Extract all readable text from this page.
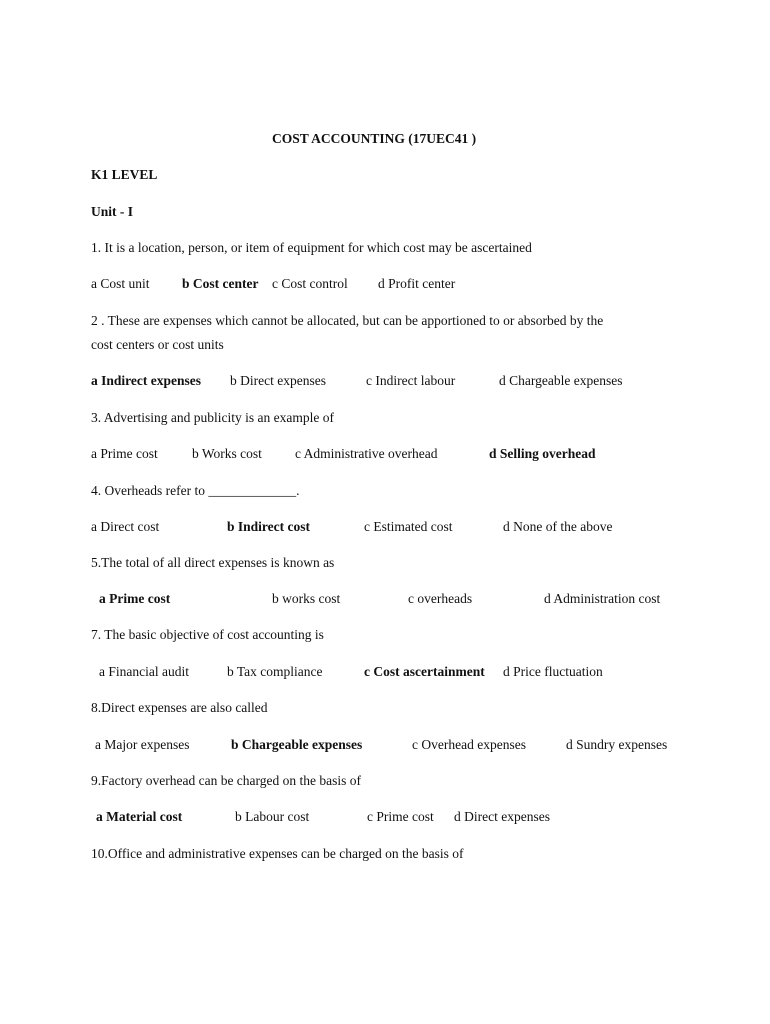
COST ACCOUNTING (17UEC41 )
K1 LEVEL
Unit - I
1. It is a location, person, or item of equipment for which cost may be ascertained
a Cost unit b Cost center c Cost control d Profit center
2 . These are expenses which cannot be allocated, but can be apportioned to or absorbed by the
cost centers or cost units
a Indirect expenses b Direct expenses	c Indirect labour	d Chargeable expenses
3. Advertising and publicity is an example of
a Prime cost	b Works cost c Administrative overhead	d Selling overhead
4. Overheads refer to _____________.
a Direct cost	b Indirect cost	c Estimated cost	d None of the above
5.The total of all direct expenses is known as
a Prime cost	b works cost	c overheads	d Administration cost
7. The basic objective of cost accounting is
a Financial audit	b Tax compliance	c Cost ascertainment d Price fluctuation
8.Direct expenses are also called
a Major expenses	b Chargeable expenses	c Overhead expenses	d Sundry expenses
9.Factory overhead can be charged on the basis of
a Material cost	b Labour cost	c Prime cost d Direct expenses
10.Office and administrative expenses can be charged on the basis of
